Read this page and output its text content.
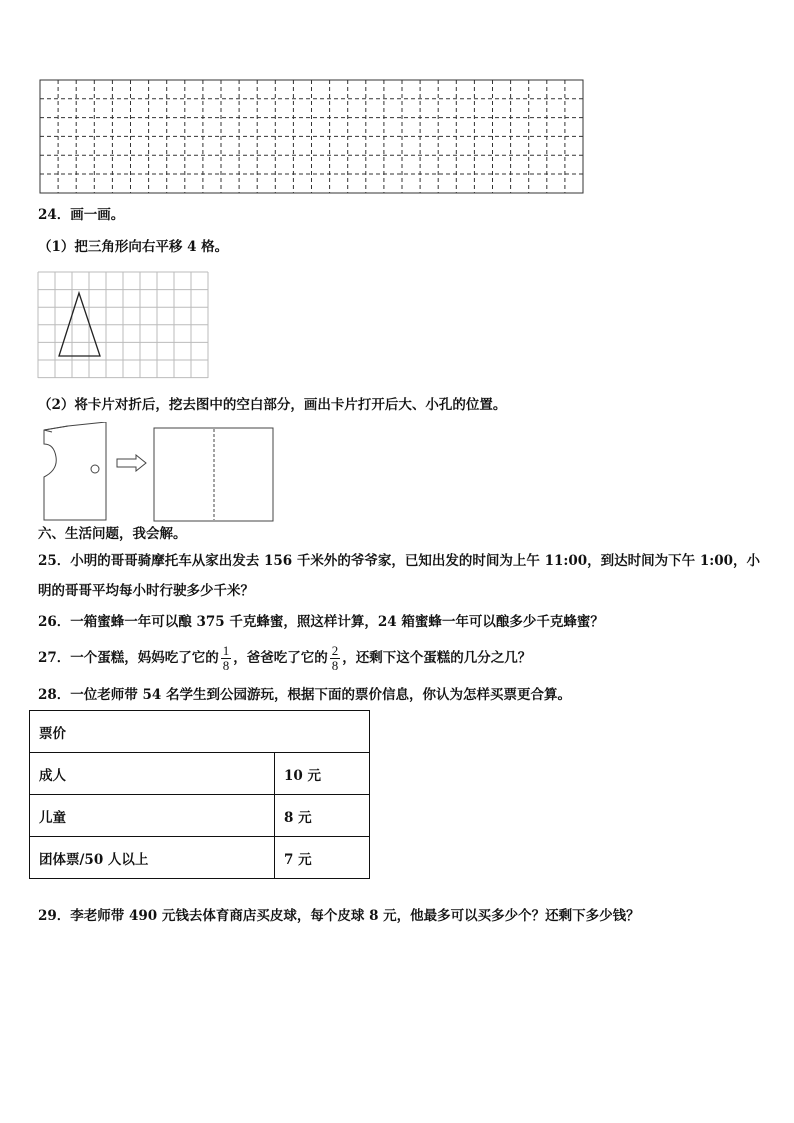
24．画一画。
（1）把三角形向右平移 4 格。
（2）将卡片对折后，挖去图中的空白部分，画出卡片打开后大、小孔的位置。
六、生活问题，我会解。
25．小明的哥哥骑摩托车从家出发去 156 千米外的爷爷家，已知出发的时间为上午 11:00，到达时间为下午 1:00，小
明的哥哥平均每小时行驶多少千米？
26．一箱蜜蜂一年可以酿 375 千克蜂蜜，照这样计算，24 箱蜜蜂一年可以酿多少千克蜂蜜？
27．一个蛋糕，妈妈吃了它的 $\frac{1}{8}$ ，爸爸吃了它的 $\frac{2}{8}$ ，还剩下这个蛋糕的几分之几？
28．一位老师带 54 名学生到公园游玩，根据下面的票价信息，你认为怎样买票更合算。
票价	
成人	10 元
儿童	8 元
团体票/50 人以上	7 元
29．李老师带 490 元钱去体育商店买皮球，每个皮球 8 元，他最多可以买多少个？还剩下多少钱？
